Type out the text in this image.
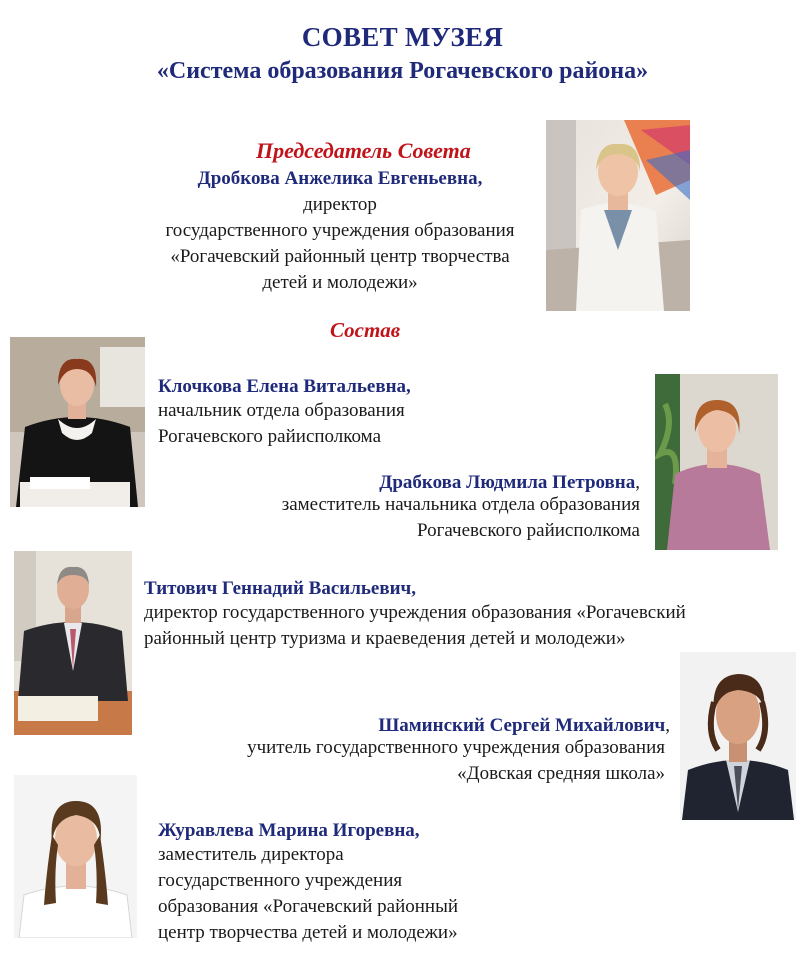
СОВЕТ МУЗЕЯ
«Система образования Рогачевского района»
Председатель Совета
Дробкова Анжелика Евгеньевна,
директор
государственного учреждения образования
«Рогачевский районный центр творчества
детей и молодежи»
Состав
Клочкова Елена Витальевна,
начальник отдела образования
Рогачевского райисполкома
Драбкова Людмила Петровна,
заместитель начальника отдела образования
Рогачевского райисполкома
Титович Геннадий Васильевич,
директор государственного учреждения образования «Рогачевский
районный центр туризма и краеведения детей и молодежи»
Шаминский Сергей Михайлович,
учитель государственного учреждения образования
«Довская средняя школа»
Журавлева Марина Игоревна,
заместитель директора
государственного учреждения
образования «Рогачевский районный
центр творчества детей и молодежи»
